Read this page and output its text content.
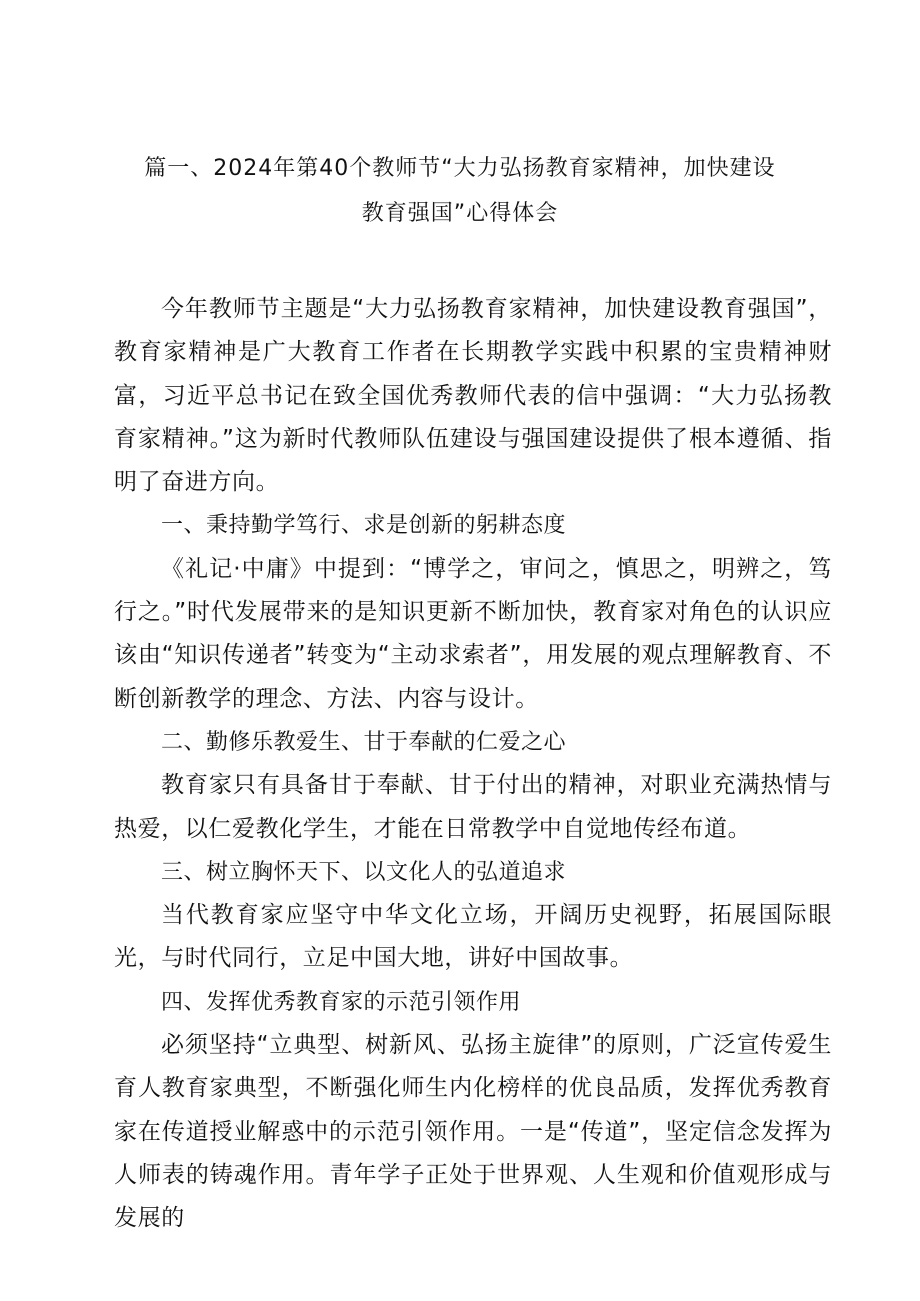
篇一、2024年第40个教师节“大力弘扬教育家精神，加快建设
教育强国”心得体会

今年教师节主题是“大力弘扬教育家精神，加快建设教育强国”，教育家精神是广大教育工作者在长期教学实践中积累的宝贵精神财富，习近平总书记在致全国优秀教师代表的信中强调：“大力弘扬教育家精神。”这为新时代教师队伍建设与强国建设提供了根本遵循、指明了奋进方向。

一、秉持勤学笃行、求是创新的躬耕态度

《礼记·中庸》中提到：“博学之，审问之，慎思之，明辨之，笃行之。”时代发展带来的是知识更新不断加快，教育家对角色的认识应该由“知识传递者”转变为“主动求索者”，用发展的观点理解教育、不断创新教学的理念、方法、内容与设计。

二、勤修乐教爱生、甘于奉献的仁爱之心

教育家只有具备甘于奉献、甘于付出的精神，对职业充满热情与热爱，以仁爱教化学生，才能在日常教学中自觉地传经布道。

三、树立胸怀天下、以文化人的弘道追求

当代教育家应坚守中华文化立场，开阔历史视野，拓展国际眼光，与时代同行，立足中国大地，讲好中国故事。

四、发挥优秀教育家的示范引领作用

必须坚持“立典型、树新风、弘扬主旋律”的原则，广泛宣传爱生育人教育家典型，不断强化师生内化榜样的优良品质，发挥优秀教育家在传道授业解惑中的示范引领作用。一是“传道”，坚定信念发挥为人师表的铸魂作用。青年学子正处于世界观、人生观和价值观形成与发展的
